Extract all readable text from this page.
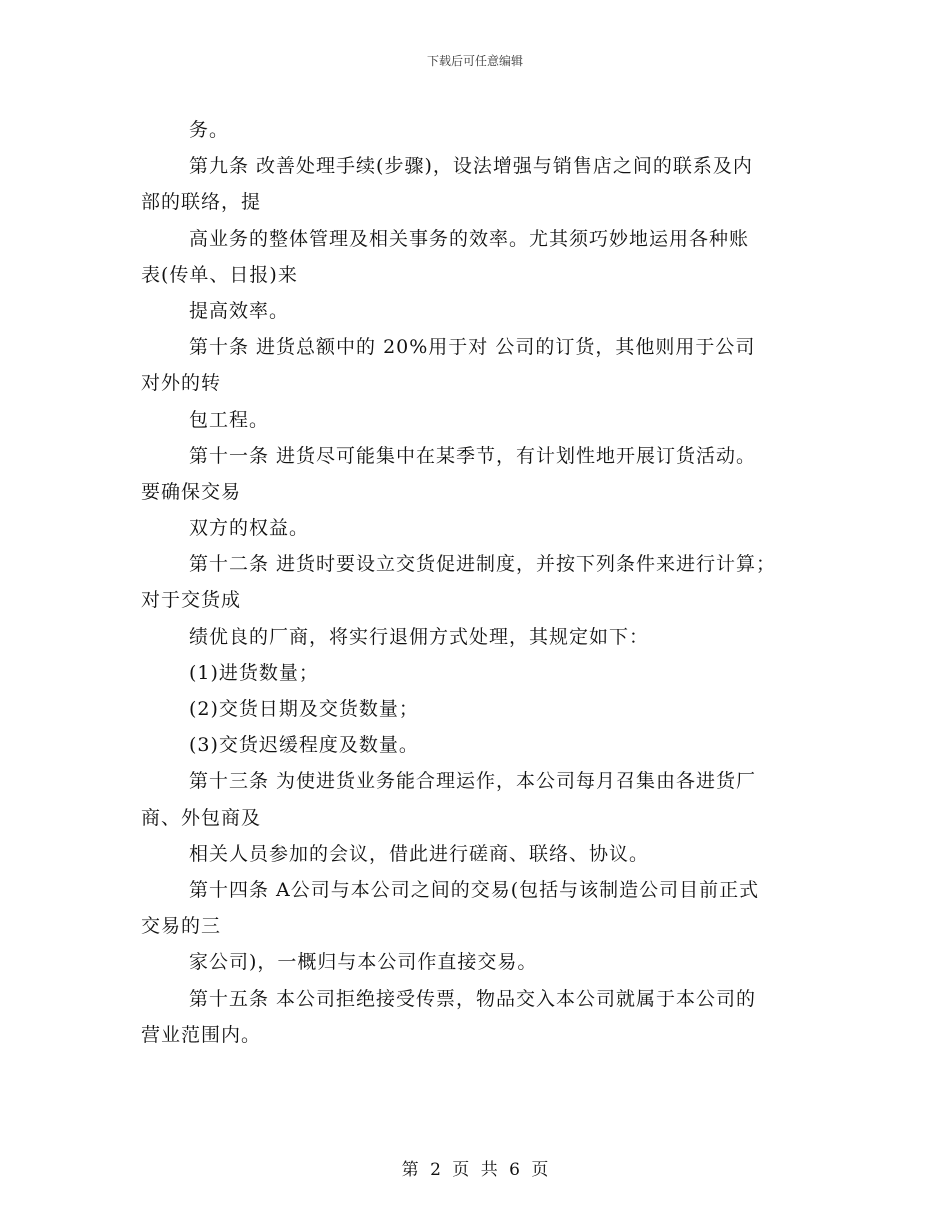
下载后可任意编辑
务。
第九条 改善处理手续(步骤)，设法增强与销售店之间的联系及内
部的联络，提
高业务的整体管理及相关事务的效率。尤其须巧妙地运用各种账
表(传单、日报)来
提高效率。
第十条 进货总额中的 20%用于对 公司的订货，其他则用于公司
对外的转
包工程。
第十一条 进货尽可能集中在某季节，有计划性地开展订货活动。
要确保交易
双方的权益。
第十二条 进货时要设立交货促进制度，并按下列条件来进行计算；
对于交货成
绩优良的厂商，将实行退佣方式处理，其规定如下：
(1)进货数量；
(2)交货日期及交货数量；
(3)交货迟缓程度及数量。
第十三条 为使进货业务能合理运作，本公司每月召集由各进货厂
商、外包商及
相关人员参加的会议，借此进行磋商、联络、协议。
第十四条 A公司与本公司之间的交易(包括与该制造公司目前正式
交易的三
家公司)，一概归与本公司作直接交易。
第十五条 本公司拒绝接受传票，物品交入本公司就属于本公司的
营业范围内。
第 2 页 共 6 页
